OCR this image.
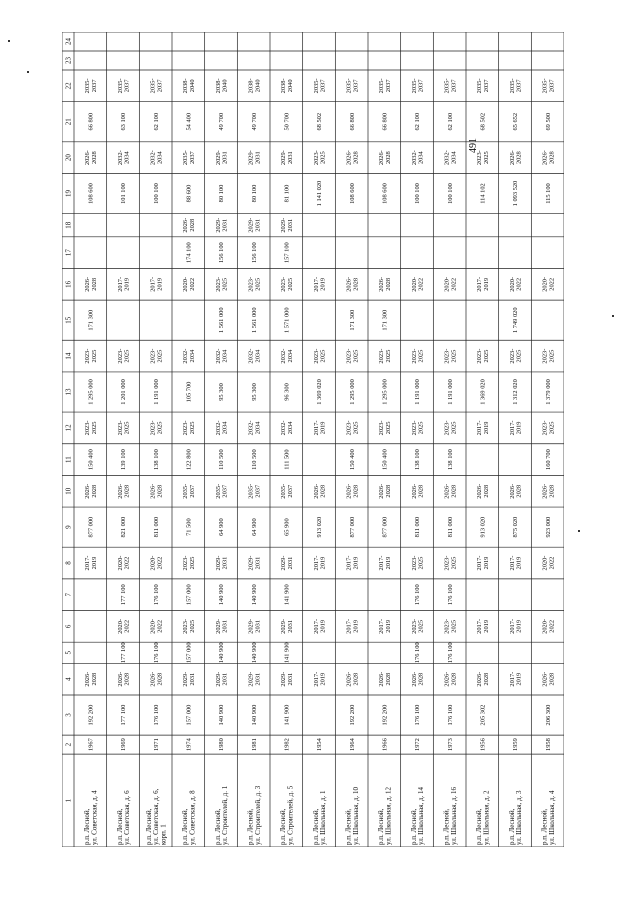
491
1
2
3
4
5
6
7
8
9
10
11
12
13
14
15
16
17
18
19
20
21
22
23
24
р.п. Лесной,ул. Советская, д. 4
1967
192 200
2026-2028
2017-2019
877 000
2026-2028
150 400
2023-2025
1 295 000
2023-2025
171 300
2026-2028
108 600
2026-2028
66 800
2035-2037
р.п. Лесной,ул. Советская, д. 6
1969
177 100
2026-2028
177 100
2020-2022
177 100
2020-2022
821 000
2026-2028
139 100
2023-2025
1 201 000
2023-2025
2017-2019
101 100
2032-2034
63 100
2035-2037
р.п. Лесной,ул. Советская, д. 6,корп. 1
1971
176 100
2026-2028
176 100
2020-2022
176 100
2020-2022
811 000
2026-2028
138 100
2023-2025
1 191 000
2023-2025
2017-2019
100 100
2032-2034
62 100
2035-2037
р.п. Лесной,ул. Советская, д. 8
1974
157 000
2029-2031
157 000
2023-2025
157 000
2023-2025
71 500
2035-2037
122 800
2023-2025
105 700
2032-2034
2020-2022
174 100
2026-2028
88 600
2035-2037
54 400
2038-2040
р.п. Лесной,ул. Строителей, д. 1
1980
140 900
2029-2031
140 900
2029-2031
140 900
2029-2031
64 900
2035-2037
110 500
2032-2034
95 300
2032-2034
1 561 000
2023-2025
156 100
2029-2031
80 100
2029-2031
49 700
2038-2040
р.п. Лесной,ул. Строителей, д. 3
1981
140 900
2029-2031
140 900
2029-2031
140 900
2029-2031
64 900
2035-2037
110 500
2032-2034
95 300
2032-2034
1 561 000
2023-2025
156 100
2029-2031
80 100
2029-2031
49 700
2038-2040
р.п. Лесной,ул. Строителей, д. 5
1982
141 900
2029-2031
141 900
2029-2031
141 900
2029-2031
65 900
2035-2037
111 500
2032-2034
96 300
2032-2034
1 571 000
2023-2025
157 100
2029-2031
81 100
2029-2031
50 700
2038-2040
р.п. Лесной,ул. Школьная, д. 1
1954
2017-2019
2017-2019
2017-2019
913 020
2026-2028
2017-2019
1 369 020
2023-2025
2017-2019
1 141 020
2023-2025
68 502
2035-2037
р.п. Лесной,ул. Школьная, д. 10
1964
192 200
2026-2028
2017-2019
2017-2019
877 000
2026-2028
150 400
2023-2025
1 295 000
2023-2025
171 300
2026-2028
108 600
2026-2028
66 800
2035-2037
р.п. Лесной,ул. Школьная, д. 12
1966
192 200
2026-2028
2017-2019
2017-2019
877 000
2026-2028
150 400
2023-2025
1 295 000
2023-2025
171 300
2026-2028
108 600
2026-2028
66 800
2035-2037
р.п. Лесной,ул. Школьная, д. 14
1972
176 100
2026-2028
176 100
2023-2025
176 100
2023-2025
811 000
2026-2028
138 100
2023-2025
1 191 000
2023-2025
2020-2022
100 100
2032-2034
62 100
2035-2037
р.п. Лесной,ул. Школьная, д. 16
1973
176 100
2026-2028
176 100
2023-2025
176 100
2023-2025
811 000
2026-2028
138 100
2023-2025
1 191 000
2023-2025
2020-2022
100 100
2032-2034
62 100
2035-2037
р.п. Лесной,ул. Школьная, д. 2
1956
205 302
2026-2028
2017-2019
2017-2019
913 020
2026-2028
2017-2019
1 369 020
2023-2025
2017-2019
114 102
2023-2025
68 502
2035-2037
р.п. Лесной,ул. Школьная, д. 3
1959
2017-2019
2017-2019
2017-2019
875 020
2026-2028
2017-2019
1 312 020
2023-2025
1 749 020
2020-2022
1 093 520
2026-2028
65 652
2035-2037
р.п. Лесной,ул. Школьная, д. 4
1958
206 300
2026-2028
2020-2022
2020-2022
923 000
2026-2028
160 700
2023-2025
1 379 000
2023-2025
2020-2022
115 100
2026-2028
69 500
2035-2037
